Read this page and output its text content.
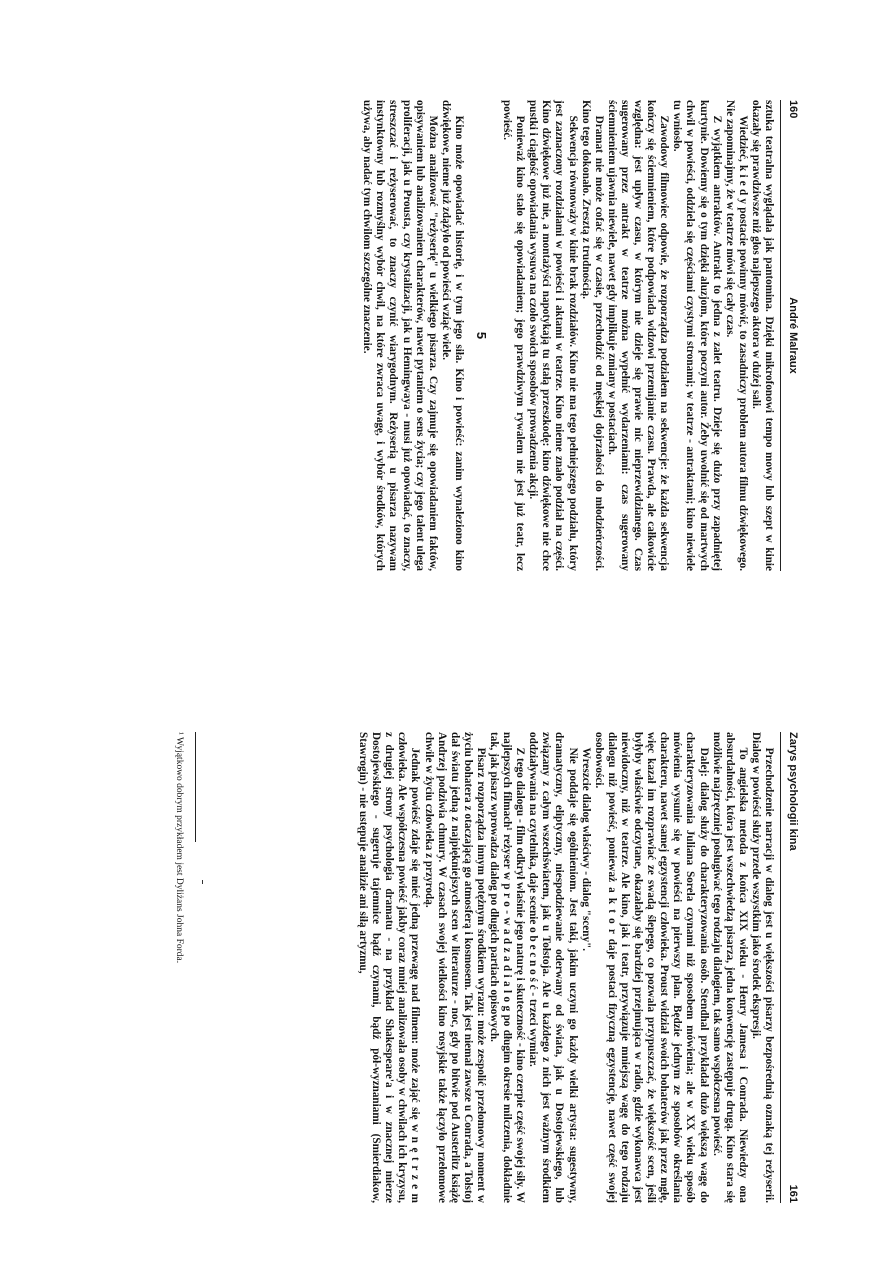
160
André Malraux

sztuka teatralna wyglądała jak pantomina. Dzięki mikrofonowi tempo mowy lub szept w kinie okazały się prawdziwsze niż głos najlepszego aktora w dużej sali.

Wiedzieć, k i e d y postacie powinny mówić, to zasadniczy problem autora filmu dźwiękowego. Nie zapominajmy, że w teatrze mówi się cały czas.

Z wyjątkiem antraktów. Antrakt to jedna z zalet teatru. Dzieje się dużo przy zapadniętej kurtynie. Dowiemy się o tym dzięki aluzjom, które poczyni autor. Żeby uwolnić się od martwych chwil w powieści, oddziela się częściami czystymi stronami; w teatrze - antraktami; kino niewiele tu wniosło.

Zawodowy filmowiec odpowie, że rozporządza podziałem na sekwencje: że każda sekwencja kończy się ściemnieniem, które podpowiada widzowi przemijanie czasu. Prawda, ale całkowicie względna: jest upływ czasu, w którym nie dzieje się prawie nic nieprzewidzianego. Czas sugerowany przez antrakt w teatrze można wypełnić wydarzeniami: czas sugerowany ściemnieniem ujawnia niewiele, nawet gdy implikuje zmiany w postaciach.

Dramat nie może cofać się w czasie, przechodzić od męskiej dojrzałości do młodzieńczości. Kino tego dokonało. Zresztą z trudnością.

Sekwencja równoważy w kinie brak rozdziałów. Kino nie ma tego pełniejszego podziału, który jest zaznaczony rozdziałami w powieści i aktami w teatrze. Kino nieme znało podział na części. Kino dźwiękowe już nie, a montażyści napotykają tu stałą przeszkodę: kino dźwiękowe nie chce pustki i ciągłość opowiadania wysuwa na czoło swoich sposobów prowadzenia akcji.

Ponieważ kino stało się opowiadaniem; jego prawdziwym rywalem nie jest już teatr, lecz powieść.

5

Kino może opowiadać historię, i w tym jego siła. Kino i powieść: zanim wynaleziono kino dźwiękowe, nieme już zdążyło od powieści wziąć wiele.

Można analizować "reżyserię" u wielkiego pisarza. Czy zajmuje się opowiadaniem faktów, opisywaniem lub analizowaniem charakterów, nawet pytaniem o sens życia; czy jego talent ulega proliferacji, jak u Prousta, czy krystalizacji, jak u Hemingwaya - musi już opowiadać, to znaczy, streszczać i reżyserować, to znaczy czynić wiarygodnym. Reżyserią u pisarza nazywam instynktowny lub rozmyślny wybór chwil, na które zwraca uwagę, i wybór środków, których używa, aby nadać tym chwilom szczególne znaczenie.

Zarys psychologii kina
161

Przechodzenie narracji w dialog jest u większości pisarzy bezpośrednią oznaką tej reżyserii. Dialog w powieści służy przede wszystkim jako środek ekspresji.

To angielska metoda z końca XIX wieku - Henry Jamesa i Conrada. Niewiedzy ona absurdalności, która jest wszechwiedzą pisarza, jedna konwencję zastępuje drugą. Kino stara się możliwie najzręczniej posługiwać tego rodzaju dialogiem, tak samo współczesna powieść.

Dalej: dialog służy do charakteryzowania osób. Stendhal przykładał dużo większą wagę do charakteryzowania Juliana Sorela czynami niż sposobem mówienia; ale w XX wieku sposób mówienia wysunie się w powieści na pierwszy plan. Będzie jednym ze sposobów określania charakteru, nawet samej egzystencji człowieka. Proust widział swoich bohaterów jak przez mgłę, więc kazał im rozprawiać ze swadą ślepego, co pozwala przypuszczać, że większość scen, jeśli byłyby właściwie odczytane, okazałaby się bardziej przejmująca w radio, gdzie wykonawca jest niewidoczny, niż w teatrze. Ale kino, jak i teatr, przywiązuje mniejszą wagę do tego rodzaju dialogu niż powieść, ponieważ a k t o r daje postaci fizyczną egzystencję, nawet część swojej osobowości.

Wreszcie dialog właściwy - dialog "sceny".

Nie poddaje się ogólnieniom. Jest taki, jakim uczyni go każdy wielki artysta: sugestywny, dramatyczny, eliptyczny, niespodziewanie oderwany od świata, jak u Dostojewskiego, lub związany z całym wszechświatem, jak u Tołstoja. Ale u każdego z nich jest ważnym środkiem oddziaływania na czytelnika, daje scenie o b e c n o ś ć - trzeci wymiar.

Z tego dialogu - film odkrył właśnie jego naturę i skuteczność - kino czerpie część swojej siły. W najlepszych filmach¹ reżyser w p r o - w a d z a d i a l o g po długim okresie milczenia, dokładnie tak, jak pisarz wprowadza dialog po długich partiach opisowych.

Pisarz rozporządza innym potężnym środkiem wyrazu: może zespolić przełomowy moment w życiu bohatera z otaczającą go atmosferą i kosmosem. Tak jest niemal zawsze u Conrada, a Tołstoj dał światu jedną z najpiękniejszych scen w literaturze - noc, gdy po bitwie pod Austerlitz książę Andrzej podziwia chmury. W czasach swojej wielkości kino rosyjskie także łączyło przełomowe chwile w życiu człowieka z przyrodą.

Jednak powieść zdaje się mieć jedną przewagę nad filmem: może zająć się w n ę t r z e m człowieka. Ale współczesna powieść jakby coraz mniej analizowała osoby w chwilach ich kryzysu, z drugiej strony psychologia dramatu - na przykład Shakespeare'a i w znacznej mierze Dostojewskiego - sugeruje tajemnice bądź czynami, bądź pół-wyznaniami (Smierdiakow, Stawrogin) - nie ustępuje analizie ani siłą artyzmu,

¹ Wyjątkowo dobrym przykładem jest Dyliżans Johna Forda.
